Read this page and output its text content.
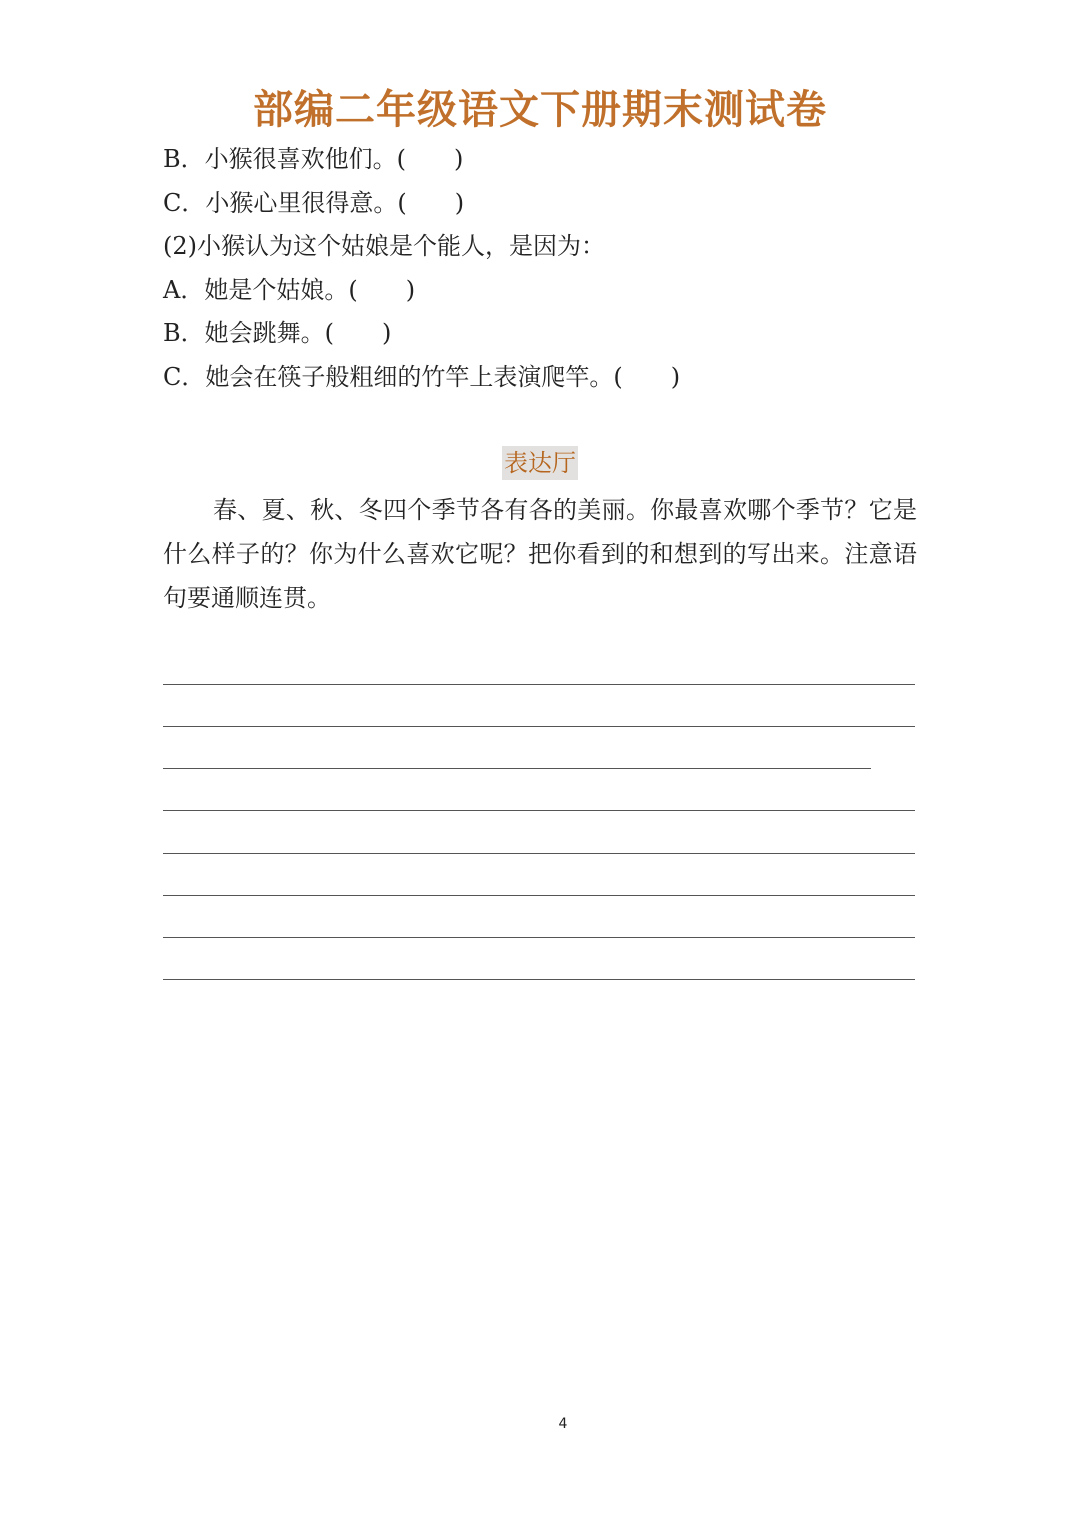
部编二年级语文下册期末测试卷
B．小猴很喜欢他们。(　　)
C．小猴心里很得意。(　　)
(2)小猴认为这个姑娘是个能人，是因为：
A．她是个姑娘。(　　)
B．她会跳舞。(　　)
C．她会在筷子般粗细的竹竿上表演爬竿。(　　)
表达厅
春、夏、秋、冬四个季节各有各的美丽。你最喜欢哪个季节？它是什么样子的？你为什么喜欢它呢？把你看到的和想到的写出来。注意语句要通顺连贯。
4
